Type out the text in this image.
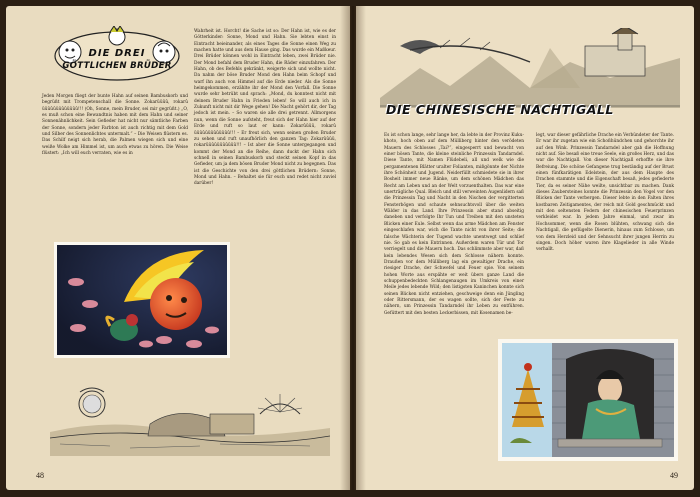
DIE DREI
GÖTTLICHEN BRÜDER

Jeden Morgen fliegt der bunte Hahn auf seinen Bambuskorb und begrüßt mit Trompetenschall die Sonne. Zokarûûûû, rokarû ûûûûûûûûûûûûû!!! (Oh, Sonne, mein Bruder, sei mir gegrüßt.) „O, es muß schon eine Bewandtnis haben mit dem Hahn und seiner Sonnenähnlichkeit. Sein Gefieder hat nicht nur sämtliche Farben der Sonne, sondern jeder Farbton ist auch richtig mit dem Gold und Silber des Sonnenlichtes untermalt.“ – Die Weisen flüstern es. Das Schilf neigt sich herab, die Palmen wiegen sich und eine weiße Wolke am Himmel ist, um auch etwas zu hören. Die Weise flüstert: „Ich will euch verraten, wie es in

Wahrheit ist. Horcht! die Sache ist so: Der Hahn ist, wie es der Götterkinder: Sonne, Mond und Hahn. Sie lebten einst in Eintracht beieinander, als eines Tages die Sonne einen Weg zu machen hatte und aus dem Hause ging. Das wurde ein Maßkeur. Drei Brüder können wohl in Eintracht leben, zwei Brüder nie. Der Mond befahl dem Bruder Hahn, die Räder einzufahren. Der Hahn, ob des Befehls gekränkt, weigerte sich und wollte nicht. Da nahm der böse Bruder Mond den Hahn beim Schopf und warf ihn auch von Himmel auf die Erde nieder. Als die Sonne heimgekommen, erzählte ihr der Mond den Vorfall. Die Sonne wurde sehr betrübt und sprach: „Mond, du konntest nicht mit deinem Bruder Hahn in Frieden leben! So will auch ich in Zukunft nicht mit dir Wege gehen! Die Nacht gehört dir, der Tag jedoch ist mein. – So waren sie alle drei getrennt. Allmorgens nun, wenn die Sonne aufsteht, freut sich der Hahn hier auf der Erde und ruft so laut er kann: Zokarûûûû, rokarû ûûûûûûûûûûûûû!!! – Er freut sich, wenn seinen großen Bruder zu sehen und ruft unaufhörlich den ganzen Tag: Zokarûûûû, rokarûûûûûûûûûûû!!! – Ist aber die Sonne untergegangen und kommt der Mond an die Reihe, dann duckt der Hahn sich schnell in seinen Bambuskorb und steckt seinen Kopf in das Gefieder, um ja dem bösen Bruder Mond nicht zu begegnen. Das ist die Geschichte von den drei göttlichen Brüdern: Sonne, Mond und Hahn. – Behaltet sie für euch und redet nicht zuviel darüber!

48
DIE CHINESISCHE NACHTIGALL

Es ist schon lange, sehr lange her, da lebte in der Provinz Kuku-khoto, hoch oben auf dem Mülliberg hinter den verödeten Mauern des Schlosses „Tai?“, eingesperrt und bewacht von einer bösen Tante, die kleine steinliche Prinzessin Tandarndel. Diese Tante, mit Namen Flüdebeli, all und welk wie die pergamentenen Blätter uralter Folianten, mißgönnte der Nichte ihre Schönheit und Jugend. Neiderfüllt schmiedete sie in ihrer Bosheit immer neue Ränke, um dem schönen Mädchen das Recht am Leben und an der Welt vorzuenthalten. Das war eine unerträgliche Qual. Bleich und still verweinten Augenlidern saß die Prinzessin Tag und Nacht in den Nischen der vergitterten Fensterbögen und schaute sehnsuchtsvoll über die weiten Wälder in das Land. Ihre Prinzessin aber stand abseitig daneben und verfolgte Ihr Tun und Treiben mit den unsteten Blicken einer Eule. Selbst wenn das arme Mädchen am Fenster eingeschlafen war, wich die Tante nicht von ihrer Seite; die falsche Wächterin der Tugend wachte unentwegt und schlief nie. So gab es kein Entrinnen. Außerdem waren Tür und Tor verriegelt und die Mauern hoch. Das schlimmste aber war, daß kein lebendes Wesen sich dem Schlosse nähern konnte. Draußen vor dem Mülliberg lag ein gewaltiger Drache, ein riesiger Drache, der Schwefel und Feuer spie. Von seinem hohen Worte aus erspähte er weit übers ganze Land die schuppenbedeckten Schlangenaugen im Umkreis von einer Meile jedes lebende Wild; den listigsten Kaninchen konnte sich seinen Blicken nicht entziehen, geschweige denn ein Jüngling oder Rittersmann, der es wagen sollte, sich der Feste zu nähern, um Prinzessin Tandarndel ihr Leben zu entführen. Gefüttert mit den besten Leckerbissen, mit Kosenamen be-

legt, war dieser gefährliche Drache ein Verbündeter der Tante. Er war ihr zugetan wie ein Schoßhündchen und gehorchte ihr auf den Wink. Prinzessin Tandarndel aber gab die Hoffnung nicht auf. Sie besaß eine treue Seele, ein großes Herz, und das war die Nachtigall. Von dieser Nachtigall erhoffte sie ihre Befreiung. Die schöne Gefangene trug beständig auf der Brust einen fünfkarätigen Edelstein, der aus dem Haupte des Drachen stammte und die Eigenschaft besaß, jedes gefiederte Tier, da es seiner Nähe weilte, unsichtbar zu machen. Dank dieses Zaubersteines konnte die Prinzessin den Vogel vor den Blicken der Tante verbergen. Dieser lebte in den Falten ihres kostbaren Zeitigamentes, der reich mit Gold geschmückt und mit den seltensten Federn der chinesischen Feuerprinzen verkleidet war. In jedem Jahre einmal, und zwar im Hochsommer, wenn die Rosen blühten, schwang sich die Nachtigall, die geflügelte Dienerin, hinaus zum Schlosse, um von dem Herzleid und der Sehnsucht ihrer jungen Herrin zu singen. Doch höher waren ihre Klagelieder in alle Winde verhallt.

49
